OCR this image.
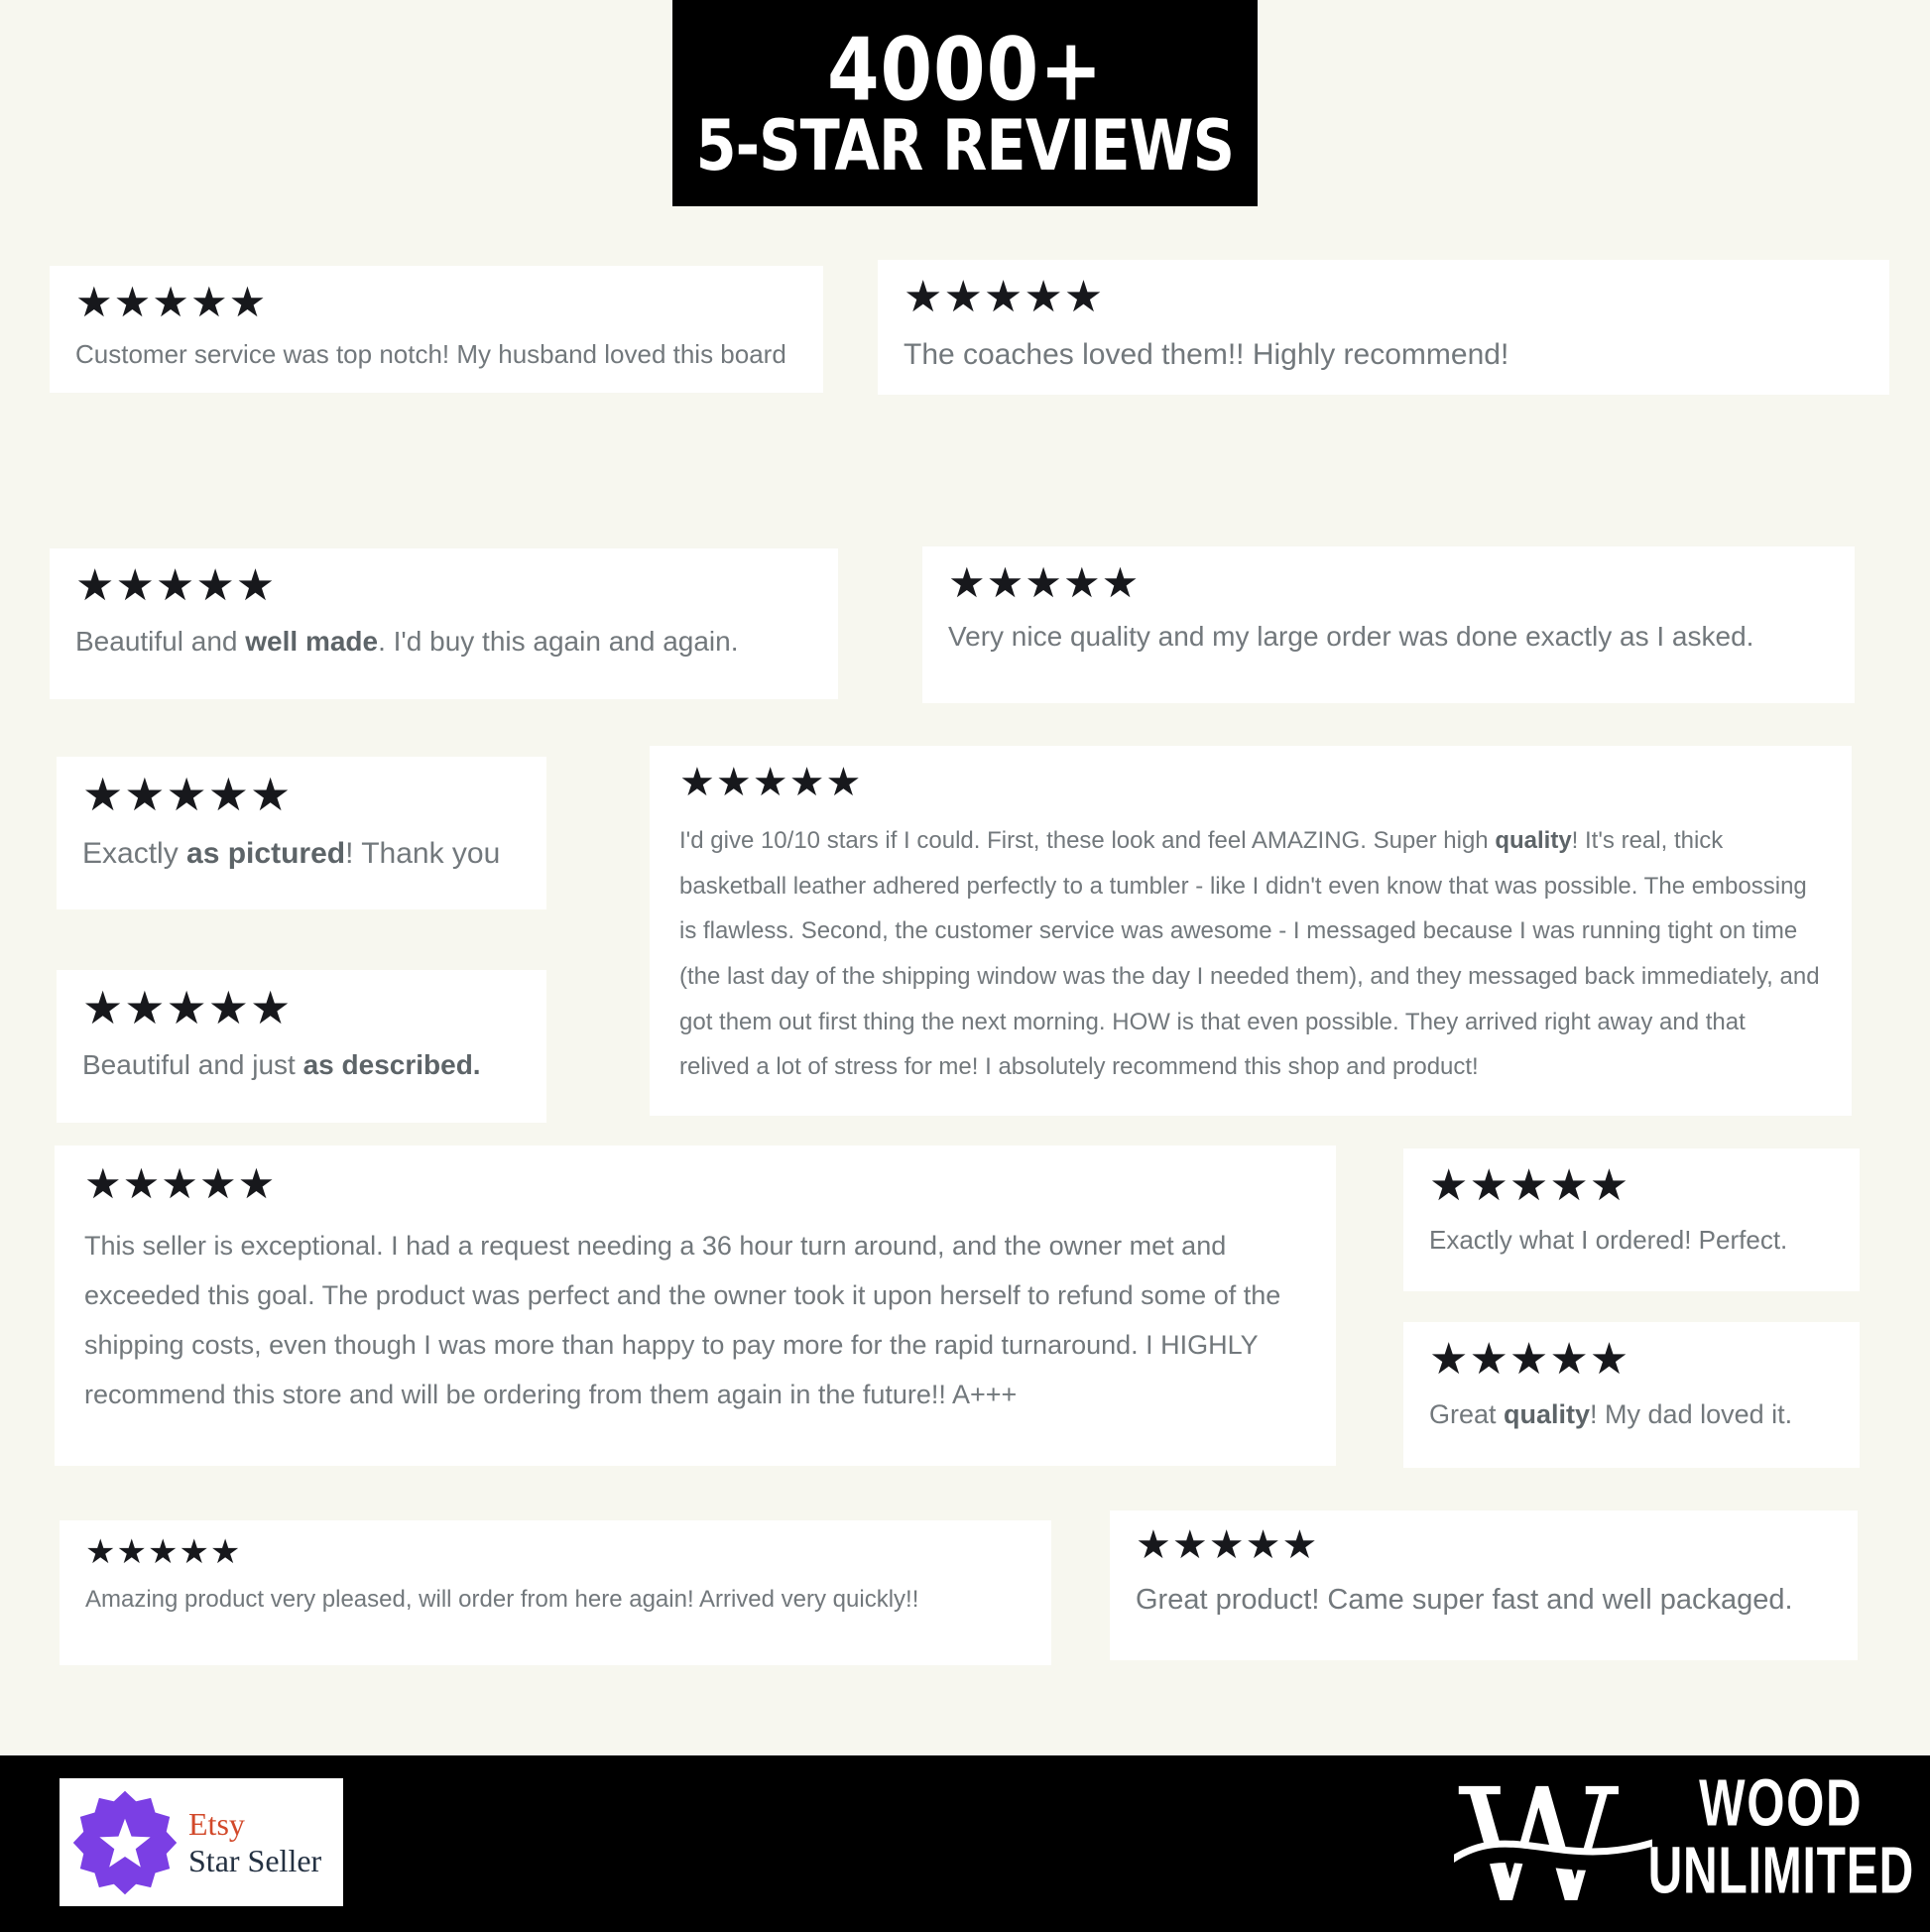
4000+
5-STAR REVIEWS
★★★★★
Customer service was top notch! My husband loved this board
★★★★★
The coaches loved them!! Highly recommend!
★★★★★
Beautiful and well made. I'd buy this again and again.
★★★★★
Very nice quality and my large order was done exactly as I asked.
★★★★★
Exactly as pictured! Thank you
★★★★★
I'd give 10/10 stars if I could. First, these look and feel AMAZING. Super high quality! It's real, thick basketball leather adhered perfectly to a tumbler - like I didn't even know that was possible. The embossing is flawless. Second, the customer service was awesome - I messaged because I was running tight on time (the last day of the shipping window was the day I needed them), and they messaged back immediately, and got them out first thing the next morning. HOW is that even possible. They arrived right away and that relived a lot of stress for me! I absolutely recommend this shop and product!
★★★★★
Beautiful and just as described.
★★★★★
This seller is exceptional. I had a request needing a 36 hour turn around, and the owner met and exceeded this goal. The product was perfect and the owner took it upon herself to refund some of the shipping costs, even though I was more than happy to pay more for the rapid turnaround. I HIGHLY recommend this store and will be ordering from them again in the future!! A+++
★★★★★
Exactly what I ordered! Perfect.
★★★★★
Great quality! My dad loved it.
★★★★★
Amazing product very pleased, will order from here again! Arrived very quickly!!
★★★★★
Great product! Came super fast and well packaged.
Etsy
Star Seller	W WOOD
UNLIMITED
